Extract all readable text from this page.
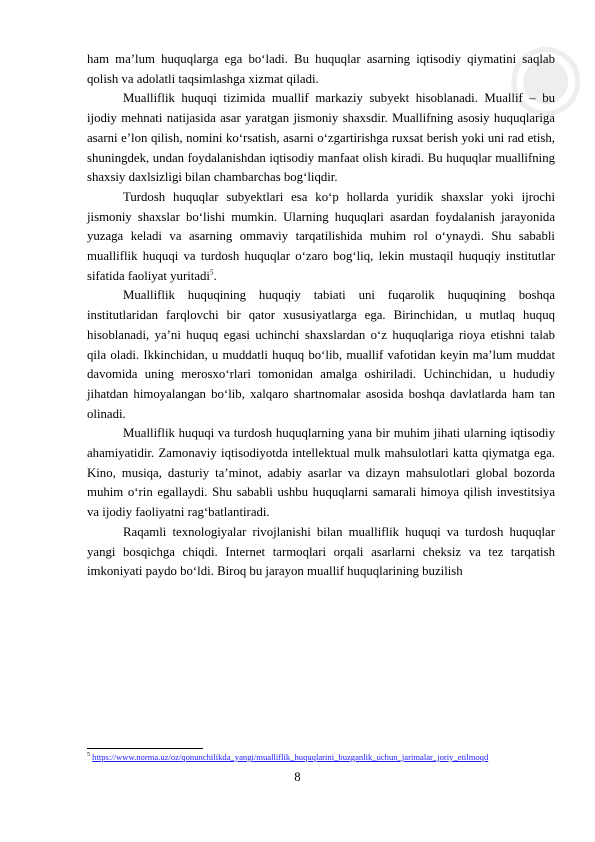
◉

ham ma’lum huquqlarga ega bo‘ladi. Bu huquqlar asarning iqtisodiy qiymatini saqlab qolish va adolatli taqsimlashga xizmat qiladi.

Mualliflik huquqi tizimida muallif markaziy subyekt hisoblanadi. Muallif – bu ijodiy mehnati natijasida asar yaratgan jismoniy shaxsdir. Muallifning asosiy huquqlariga asarni e’lon qilish, nomini ko‘rsatish, asarni o‘zgartirishga ruxsat berish yoki uni rad etish, shuningdek, undan foydalanishdan iqtisodiy manfaat olish kiradi. Bu huquqlar muallifning shaxsiy daxlsizligi bilan chambarchas bog‘liqdir.

Turdosh huquqlar subyektlari esa ko‘p hollarda yuridik shaxslar yoki ijrochi jismoniy shaxslar bo‘lishi mumkin. Ularning huquqlari asardan foydalanish jarayonida yuzaga keladi va asarning ommaviy tarqatilishida muhim rol o‘ynaydi. Shu sababli mualliflik huquqi va turdosh huquqlar o‘zaro bog‘liq, lekin mustaqil huquqiy institutlar sifatida faoliyat yuritadi$^5$.

Mualliflik huquqining huquqiy tabiati uni fuqarolik huquqining boshqa institutlaridan farqlovchi bir qator xususiyatlarga ega. Birinchidan, u mutlaq huquq hisoblanadi, ya’ni huquq egasi uchinchi shaxslardan o‘z huquqlariga rioya etishni talab qila oladi. Ikkinchidan, u muddatli huquq bo‘lib, muallif vafotidan keyin ma’lum muddat davomida uning merosxo‘rlari tomonidan amalga oshiriladi. Uchinchidan, u hududiy jihatdan himoyalangan bo‘lib, xalqaro shartnomalar asosida boshqa davlatlarda ham tan olinadi.

Mualliflik huquqi va turdosh huquqlarning yana bir muhim jihati ularning iqtisodiy ahamiyatidir. Zamonaviy iqtisodiyotda intellektual mulk mahsulotlari katta qiymatga ega. Kino, musiqa, dasturiy ta’minot, adabiy asarlar va dizayn mahsulotlari global bozorda muhim o‘rin egallaydi. Shu sababli ushbu huquqlarni samarali himoya qilish investitsiya va ijodiy faoliyatni rag‘batlantiradi.

Raqamli texnologiyalar rivojlanishi bilan mualliflik huquqi va turdosh huquqlar yangi bosqichga chiqdi. Internet tarmoqlari orqali asarlarni cheksiz va tez tarqatish imkoniyati paydo bo‘ldi. Biroq bu jarayon muallif huquqlarining buzilish

$^5$ https://www.norma.uz/oz/qonunchilikda_yangi/mualliflik_huquqlarini_buzganlik_uchun_jarimalar_joriy_etilmoqd
8
